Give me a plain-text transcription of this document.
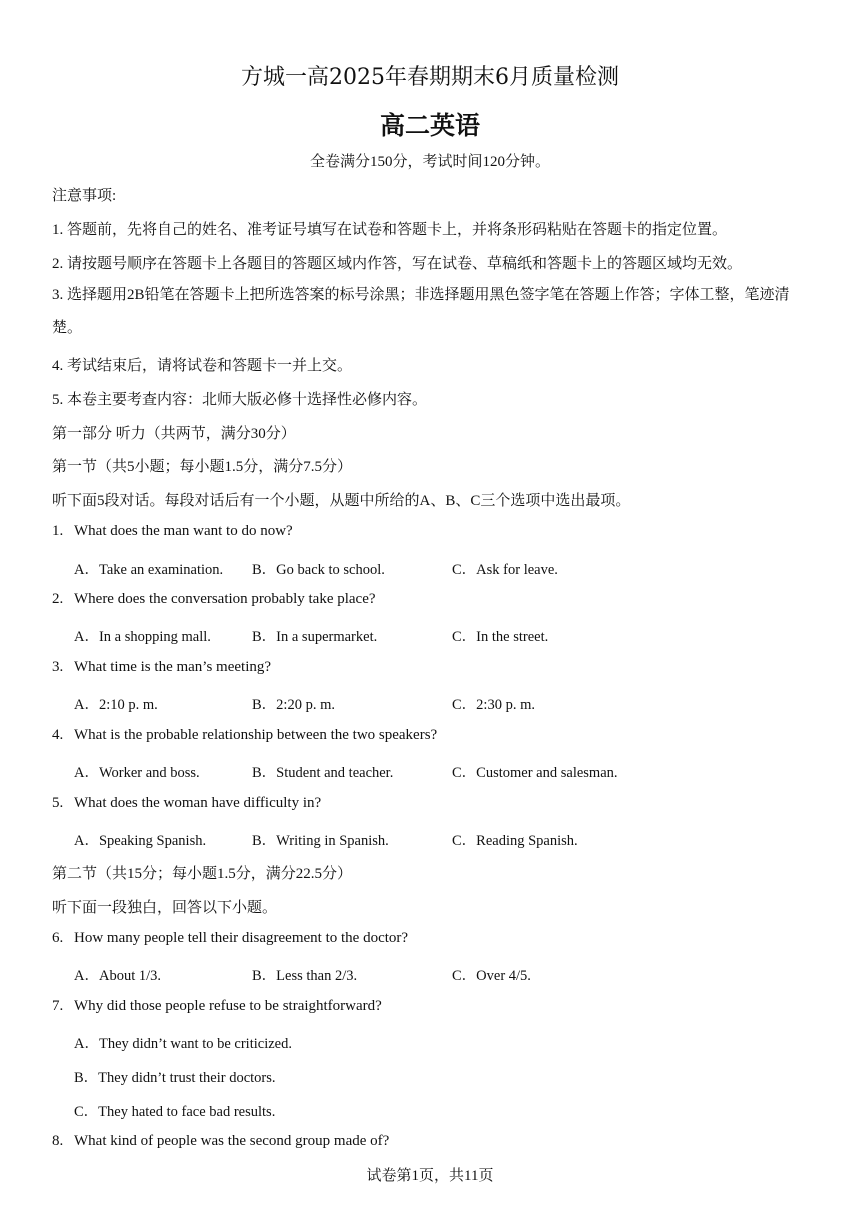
方城一高2025年春期期末6月质量检测
高二英语
全卷满分150分，考试时间120分钟。
注意事项:
1. 答题前，先将自己的姓名、准考证号填写在试卷和答题卡上，并将条形码粘贴在答题卡的指定位置。
2. 请按题号顺序在答题卡上各题目的答题区域内作答，写在试卷、草稿纸和答题卡上的答题区域均无效。
3. 选择题用2B铅笔在答题卡上把所选答案的标号涂黑；非选择题用黑色签字笔在答题上作答；字体工整，笔迹清楚。
4. 考试结束后，请将试卷和答题卡一并上交。
5. 本卷主要考查内容：北师大版必修十选择性必修内容。
第一部分 听力（共两节，满分30分）
第一节（共5小题；每小题1.5分，满分7.5分）
听下面5段对话。每段对话后有一个小题，从题中所给的A、B、C三个选项中选出最项。
1. What does the man want to do now?
A．Take an examination. B．Go back to school.	C．Ask for leave.
2. Where does the conversation probably take place?
A．In a shopping mall.	B．In a supermarket.	C．In the street.
3. What time is the man’s meeting?
A．2:10 p. m.	B．2:20 p. m.	C．2:30 p. m.
4. What is the probable relationship between the two speakers?
A．Worker and boss.	B．Student and teacher.	C．Customer and salesman.
5. What does the woman have difficulty in?
A．Speaking Spanish.	B．Writing in Spanish.	C．Reading Spanish.
第二节（共15分；每小题1.5分，满分22.5分）
听下面一段独白，回答以下小题。
6. How many people tell their disagreement to the doctor?
A．About 1/3.	B．Less than 2/3.	C．Over 4/5.
7. Why did those people refuse to be straightforward?
A．They didn’t want to be criticized.
B．They didn’t trust their doctors.
C．They hated to face bad results.
8. What kind of people was the second group made of?
试卷第1页，共11页
